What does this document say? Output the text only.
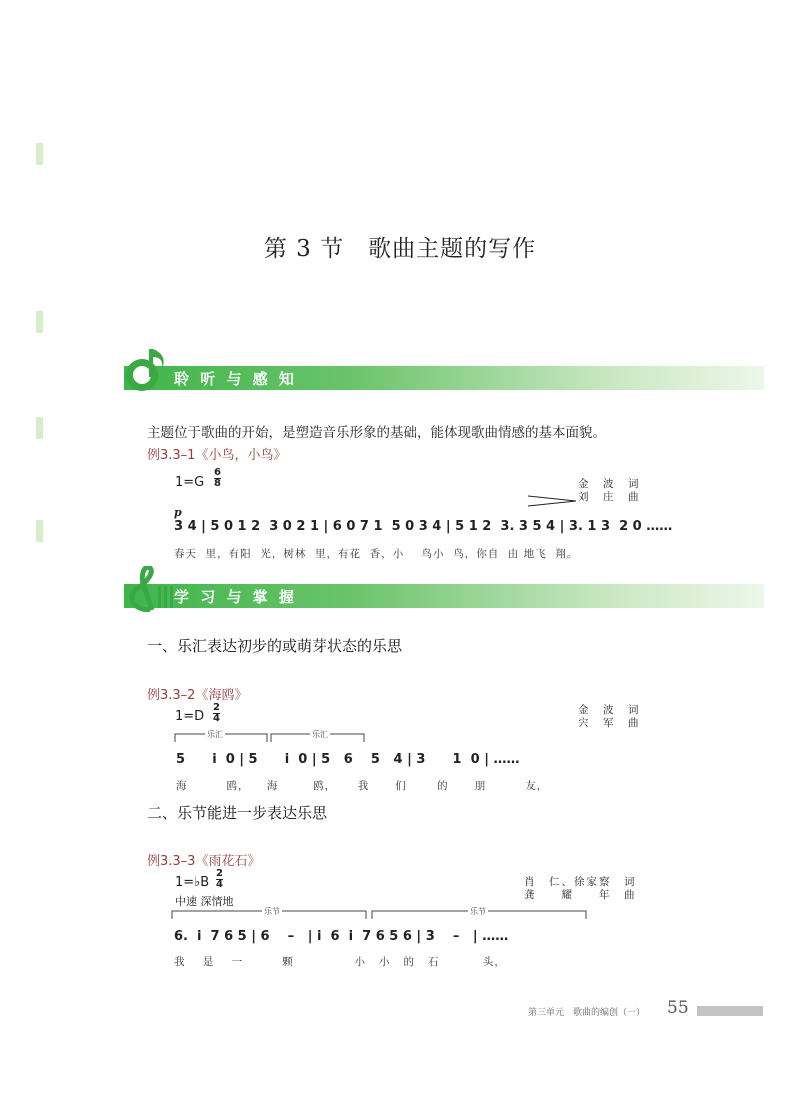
第 3 节　歌曲主题的写作
聆 听 与 感 知
主题位于歌曲的开始，是塑造音乐形象的基础，能体现歌曲情感的基本面貌。
例3.3–1《小鸟，小鸟》
1=G
6
8	金　波　词
刘　庄　曲
p
3 4 | 5 0 1 2  3 0 2 1 | 6 0 7 1  5 0 3 4 | 5 1 2  3. 3 5 4 | 3. 1 3  2 0 ……
春天  里，有阳  光，树林  里，有花  香，小    鸟小  鸟，你自  由 地飞  翔。
学 习 与 掌 握
一、乐汇表达初步的或萌芽状态的乐思
例3.3–2《海鸥》
1=D
2
4
金　波　词
宍　军　曲
乐汇	乐汇
5      i  0 | 5      i  0 | 5   6    5   4 | 3      1  0 | ……
海         鸥，    海        鸥，     我      们       的      朋         友，
二、乐节能进一步表达乐思
例3.3–3《雨花石》
1=♭B
2
4
中速 深情地
肖　仁、徐家察　词
龚　　耀　　年　曲
乐节	乐节
6.  i  7 6 5 | 6    –   | i  6  i  7 6 5 6 | 3    –   | ……
我    是    一         颗              小   小   的   石          头，
第三单元　歌曲的编创（一） 55
